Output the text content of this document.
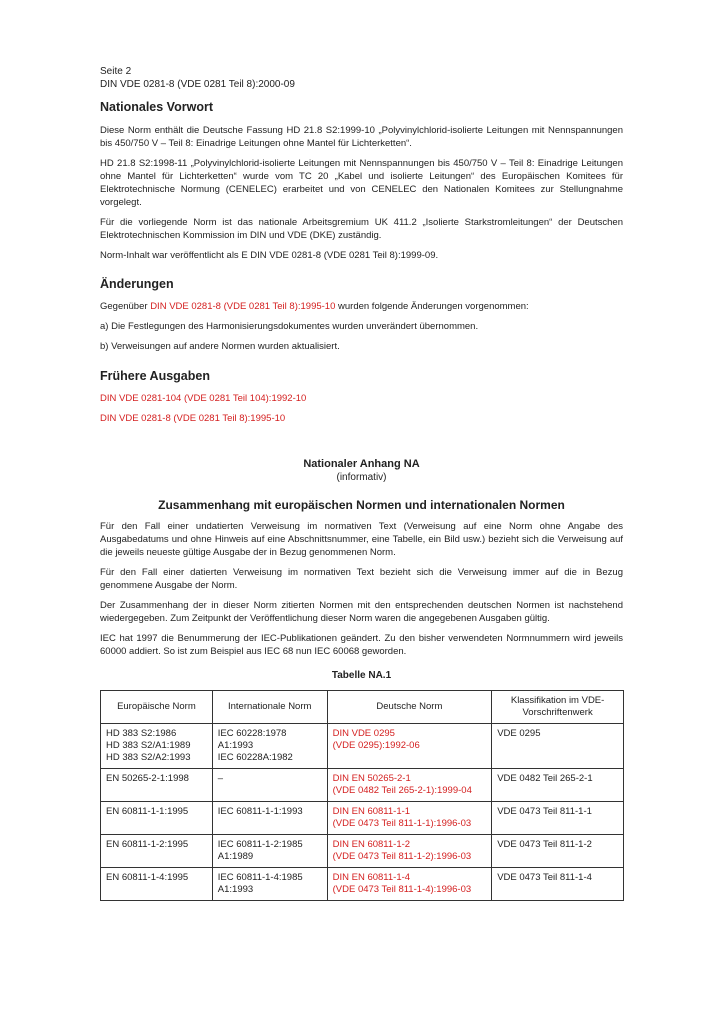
Seite 2
DIN VDE 0281-8 (VDE 0281 Teil 8):2000-09
Nationales Vorwort

Diese Norm enthält die Deutsche Fassung HD 21.8 S2:1999-10 „Polyvinylchlorid-isolierte Leitungen mit Nennspannungen bis 450/750 V – Teil 8: Einadrige Leitungen ohne Mantel für Lichterketten“.

HD 21.8 S2:1998-11 „Polyvinylchlorid-isolierte Leitungen mit Nennspannungen bis 450/750 V – Teil 8: Einadrige Leitungen ohne Mantel für Lichterketten“ wurde vom TC 20 „Kabel und isolierte Leitungen“ des Europäischen Komitees für Elektrotechnische Normung (CENELEC) erarbeitet und von CENELEC den Nationalen Komitees zur Stellungnahme vorgelegt.

Für die vorliegende Norm ist das nationale Arbeitsgremium UK 411.2 „Isolierte Starkstromleitungen“ der Deutschen Elektrotechnischen Kommission im DIN und VDE (DKE) zuständig.

Norm-Inhalt war veröffentlicht als E DIN VDE 0281-8 (VDE 0281 Teil 8):1999-09.

Änderungen

Gegenüber DIN VDE 0281-8 (VDE 0281 Teil 8):1995-10 wurden folgende Änderungen vorgenommen:

a) Die Festlegungen des Harmonisierungsdokumentes wurden unverändert übernommen.
b) Verweisungen auf andere Normen wurden aktualisiert.
Frühere Ausgaben
DIN VDE 0281-104 (VDE 0281 Teil 104):1992-10
DIN VDE 0281-8 (VDE 0281 Teil 8):1995-10
Nationaler Anhang NA
(informativ)
Zusammenhang mit europäischen Normen und internationalen Normen

Für den Fall einer undatierten Verweisung im normativen Text (Verweisung auf eine Norm ohne Angabe des Ausgabedatums und ohne Hinweis auf eine Abschnittsnummer, eine Tabelle, ein Bild usw.) bezieht sich die Verweisung auf die jeweils neueste gültige Ausgabe der in Bezug genommenen Norm.

Für den Fall einer datierten Verweisung im normativen Text bezieht sich die Verweisung immer auf die in Bezug genommene Ausgabe der Norm.

Der Zusammenhang der in dieser Norm zitierten Normen mit den entsprechenden deutschen Normen ist nachstehend wiedergegeben. Zum Zeitpunkt der Veröffentlichung dieser Norm waren die angegebenen Ausgaben gültig.

IEC hat 1997 die Benummerung der IEC-Publikationen geändert. Zu den bisher verwendeten Normnummern wird jeweils 60000 addiert. So ist zum Beispiel aus IEC 68 nun IEC 60068 geworden.

Tabelle NA.1
Europäische Norm	Internationale Norm	Deutsche Norm	Klassifikation im VDE-Vorschriftenwerk

HD 383 S2:1986
HD 383 S2/A1:1989
HD 383 S2/A2:1993	IEC 60228:1978
A1:1993
IEC 60228A:1982	DIN VDE 0295
(VDE 0295):1992-06	VDE 0295

EN 50265-2-1:1998	–	DIN EN 50265-2-1
(VDE 0482 Teil 265-2-1):1999-04	VDE 0482 Teil 265-2-1

EN 60811-1-1:1995	IEC 60811-1-1:1993	DIN EN 60811-1-1
(VDE 0473 Teil 811-1-1):1996-03	VDE 0473 Teil 811-1-1

EN 60811-1-2:1995	IEC 60811-1-2:1985
A1:1989	DIN EN 60811-1-2
(VDE 0473 Teil 811-1-2):1996-03	VDE 0473 Teil 811-1-2

EN 60811-1-4:1995	IEC 60811-1-4:1985
A1:1993	DIN EN 60811-1-4
(VDE 0473 Teil 811-1-4):1996-03	VDE 0473 Teil 811-1-4
